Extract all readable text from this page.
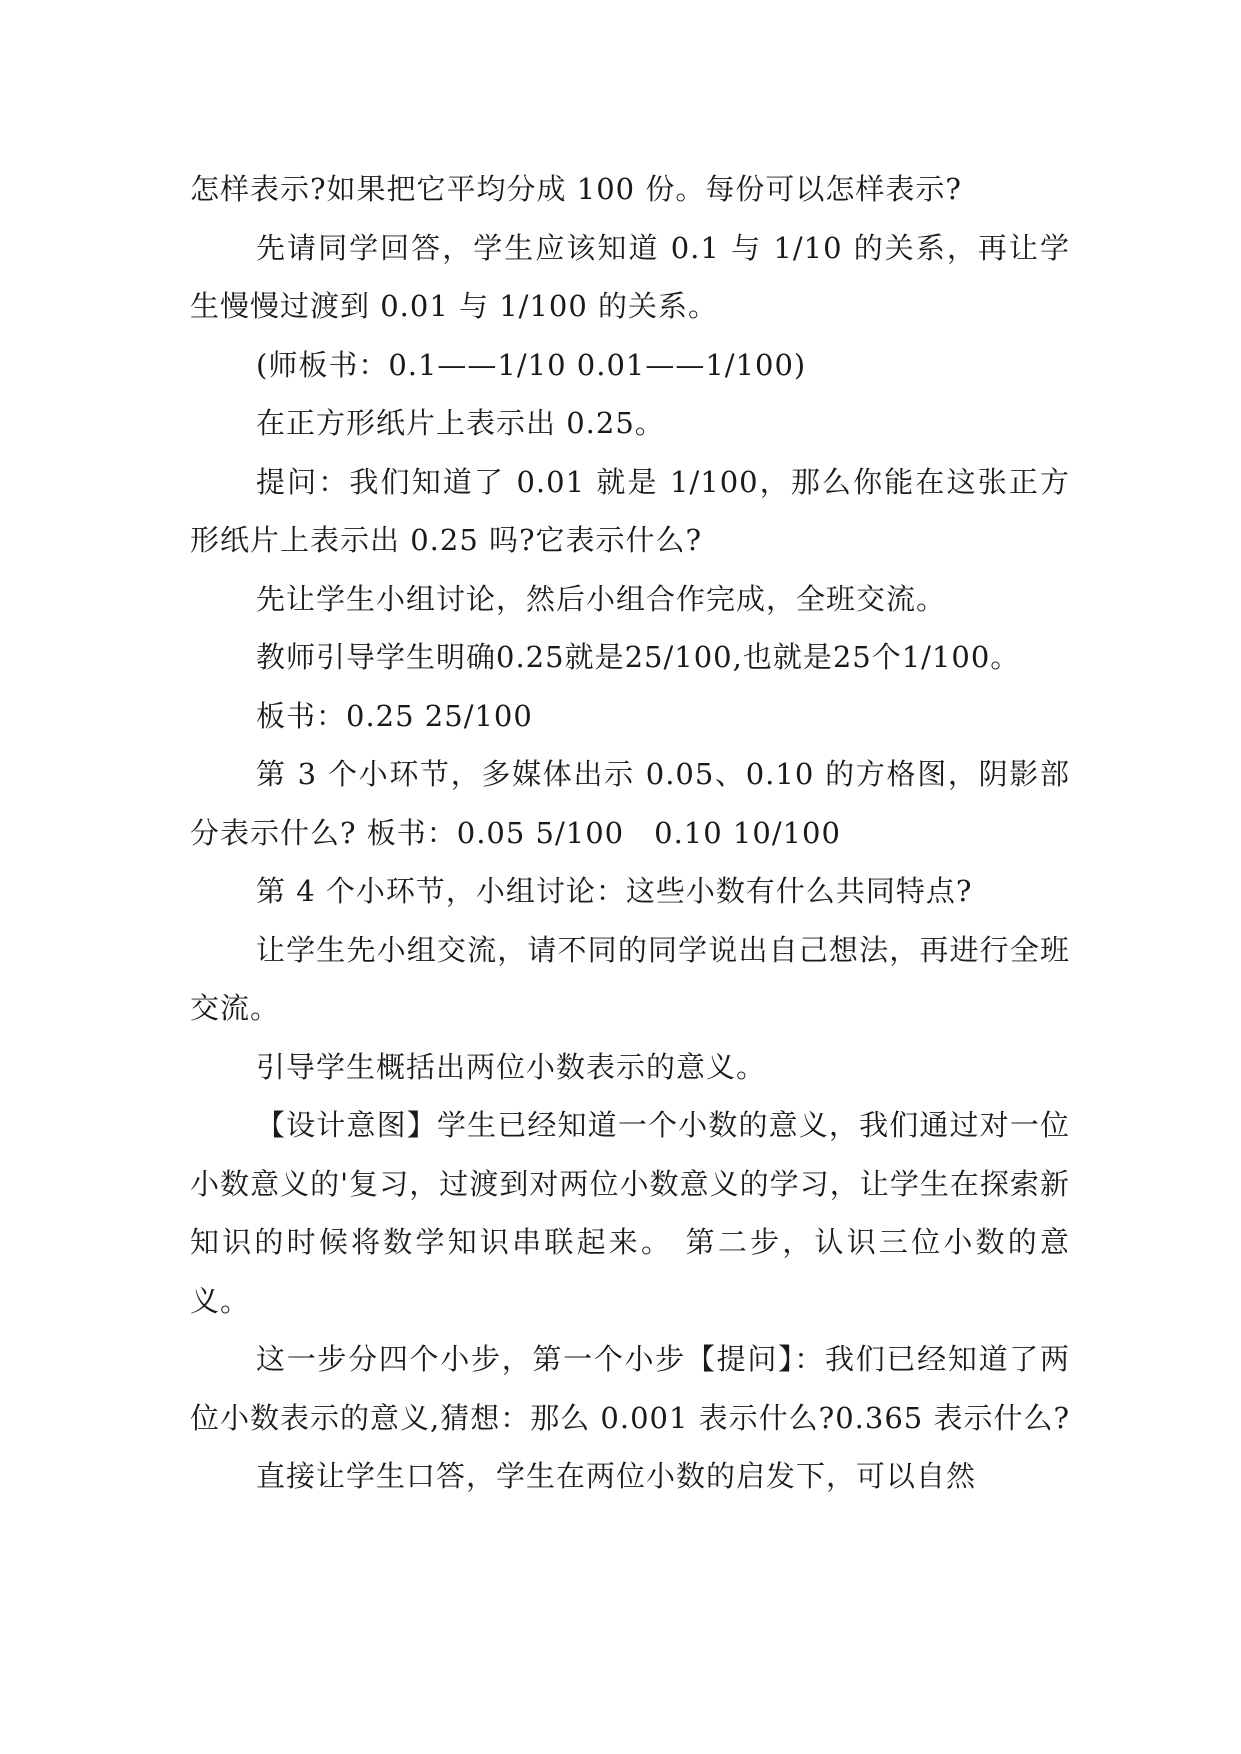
怎样表示?如果把它平均分成 100 份。每份可以怎样表示?

先请同学回答，学生应该知道 0.1 与 1/10 的关系，再让学生慢慢过渡到 0.01 与 1/100 的关系。

(师板书：0.1——1/10 0.01——1/100)

在正方形纸片上表示出 0.25。

提问：我们知道了 0.01 就是 1/100，那么你能在这张正方形纸片上表示出 0.25 吗?它表示什么?

先让学生小组讨论，然后小组合作完成，全班交流。

教师引导学生明确0.25就是25/100,也就是25个1/100。

板书：0.25 25/100

第 3 个小环节，多媒体出示 0.05、0.10 的方格图，阴影部分表示什么? 板书：0.05 5/100　0.10 10/100

第 4 个小环节，小组讨论：这些小数有什么共同特点?

让学生先小组交流，请不同的同学说出自己想法，再进行全班交流。

引导学生概括出两位小数表示的意义。

【设计意图】学生已经知道一个小数的意义，我们通过对一位小数意义的'复习，过渡到对两位小数意义的学习，让学生在探索新知识的时候将数学知识串联起来。 第二步，认识三位小数的意义。

这一步分四个小步，第一个小步【提问】：我们已经知道了两位小数表示的意义,猜想：那么 0.001 表示什么?0.365 表示什么?

直接让学生口答，学生在两位小数的启发下，可以自然
